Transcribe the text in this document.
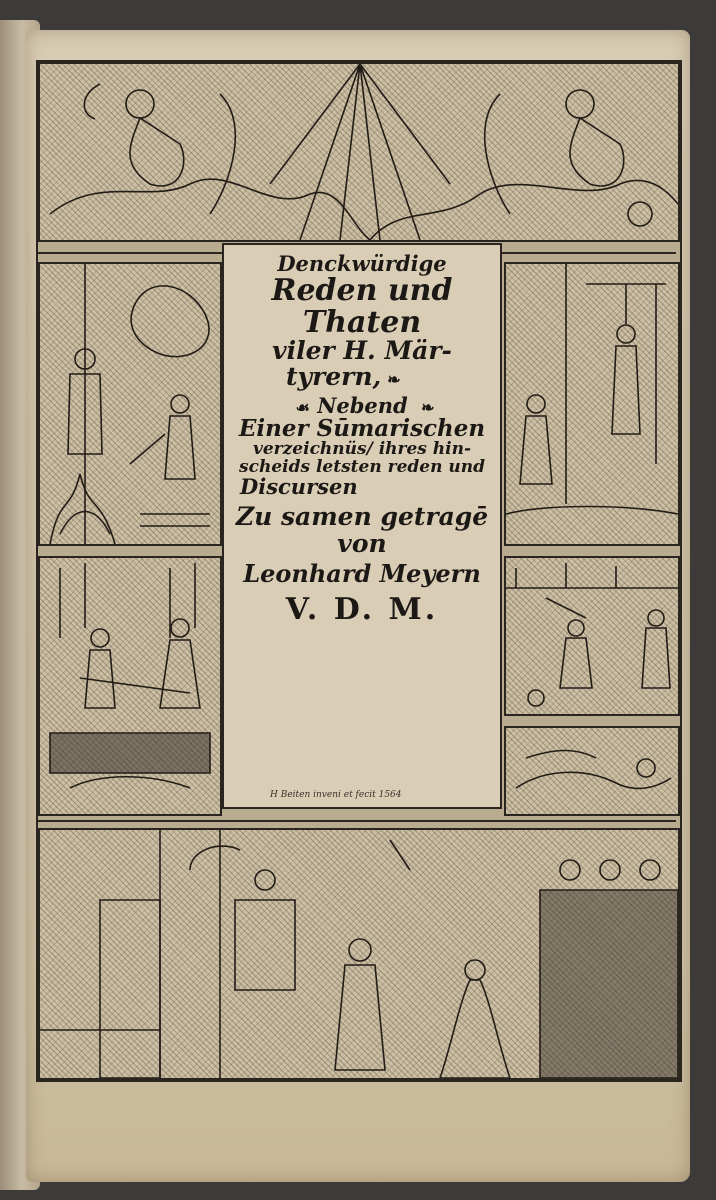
Denckwürdige
Reden und Thaten
viler H. Mär-
tyrern, ❧
☙ Nebend ❧
Einer Sūmarischen
verzeichnüs/ ihres hin-
scheids letsten reden und
Discursen
Zu samen getragē
von
Leonhard Meyern
V. D. M.
H Beiten inveni et fecit 1564
